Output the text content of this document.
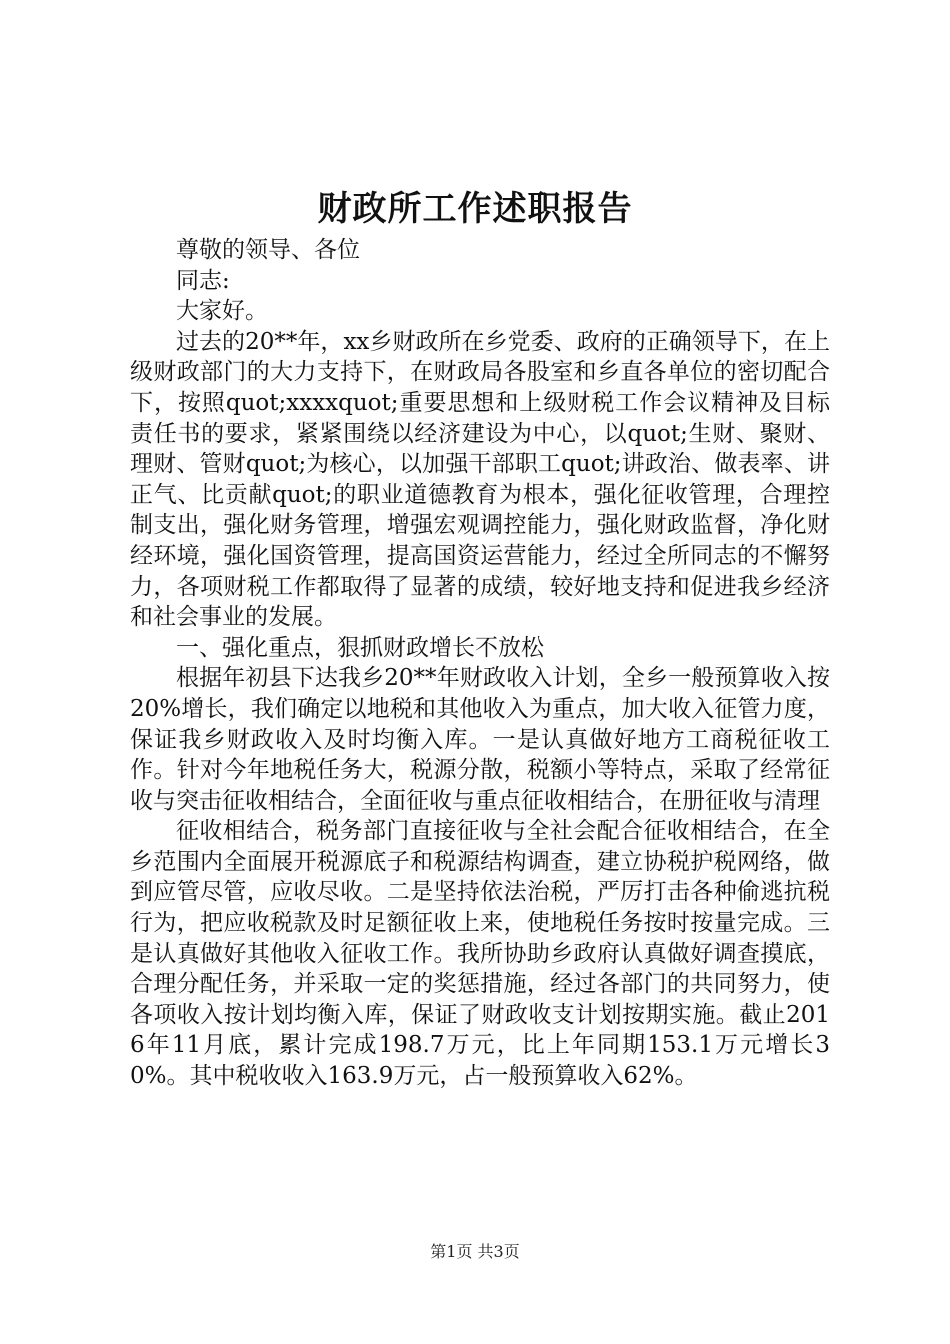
财政所工作述职报告

尊敬的领导、各位

同志:

大家好。

过去的20**年，xx乡财政所在乡党委、政府的正确领导下，在上级财政部门的大力支持下，在财政局各股室和乡直各单位的密切配合下，按照quot;xxxxquot;重要思想和上级财税工作会议精神及目标责任书的要求，紧紧围绕以经济建设为中心，以quot;生财、聚财、理财、管财quot;为核心，以加强干部职工quot;讲政治、做表率、讲正气、比贡献quot;的职业道德教育为根本，强化征收管理，合理控制支出，强化财务管理，增强宏观调控能力，强化财政监督，净化财经环境，强化国资管理，提高国资运营能力，经过全所同志的不懈努力，各项财税工作都取得了显著的成绩，较好地支持和促进我乡经济和社会事业的发展。

一、强化重点，狠抓财政增长不放松

根据年初县下达我乡20**年财政收入计划，全乡一般预算收入按20%增长，我们确定以地税和其他收入为重点，加大收入征管力度，保证我乡财政收入及时均衡入库。一是认真做好地方工商税征收工作。针对今年地税任务大，税源分散，税额小等特点，采取了经常征收与突击征收相结合，全面征收与重点征收相结合，在册征收与清理

征收相结合，税务部门直接征收与全社会配合征收相结合，在全乡范围内全面展开税源底子和税源结构调查，建立协税护税网络，做到应管尽管，应收尽收。二是坚持依法治税，严厉打击各种偷逃抗税行为，把应收税款及时足额征收上来，使地税任务按时按量完成。三是认真做好其他收入征收工作。我所协助乡政府认真做好调查摸底，合理分配任务，并采取一定的奖惩措施，经过各部门的共同努力，使各项收入按计划均衡入库，保证了财政收支计划按期实施。截止2016年11月底，累计完成198.7万元，比上年同期153.1万元增长30%。其中税收收入163.9万元，占一般预算收入62%。

第1页 共3页
